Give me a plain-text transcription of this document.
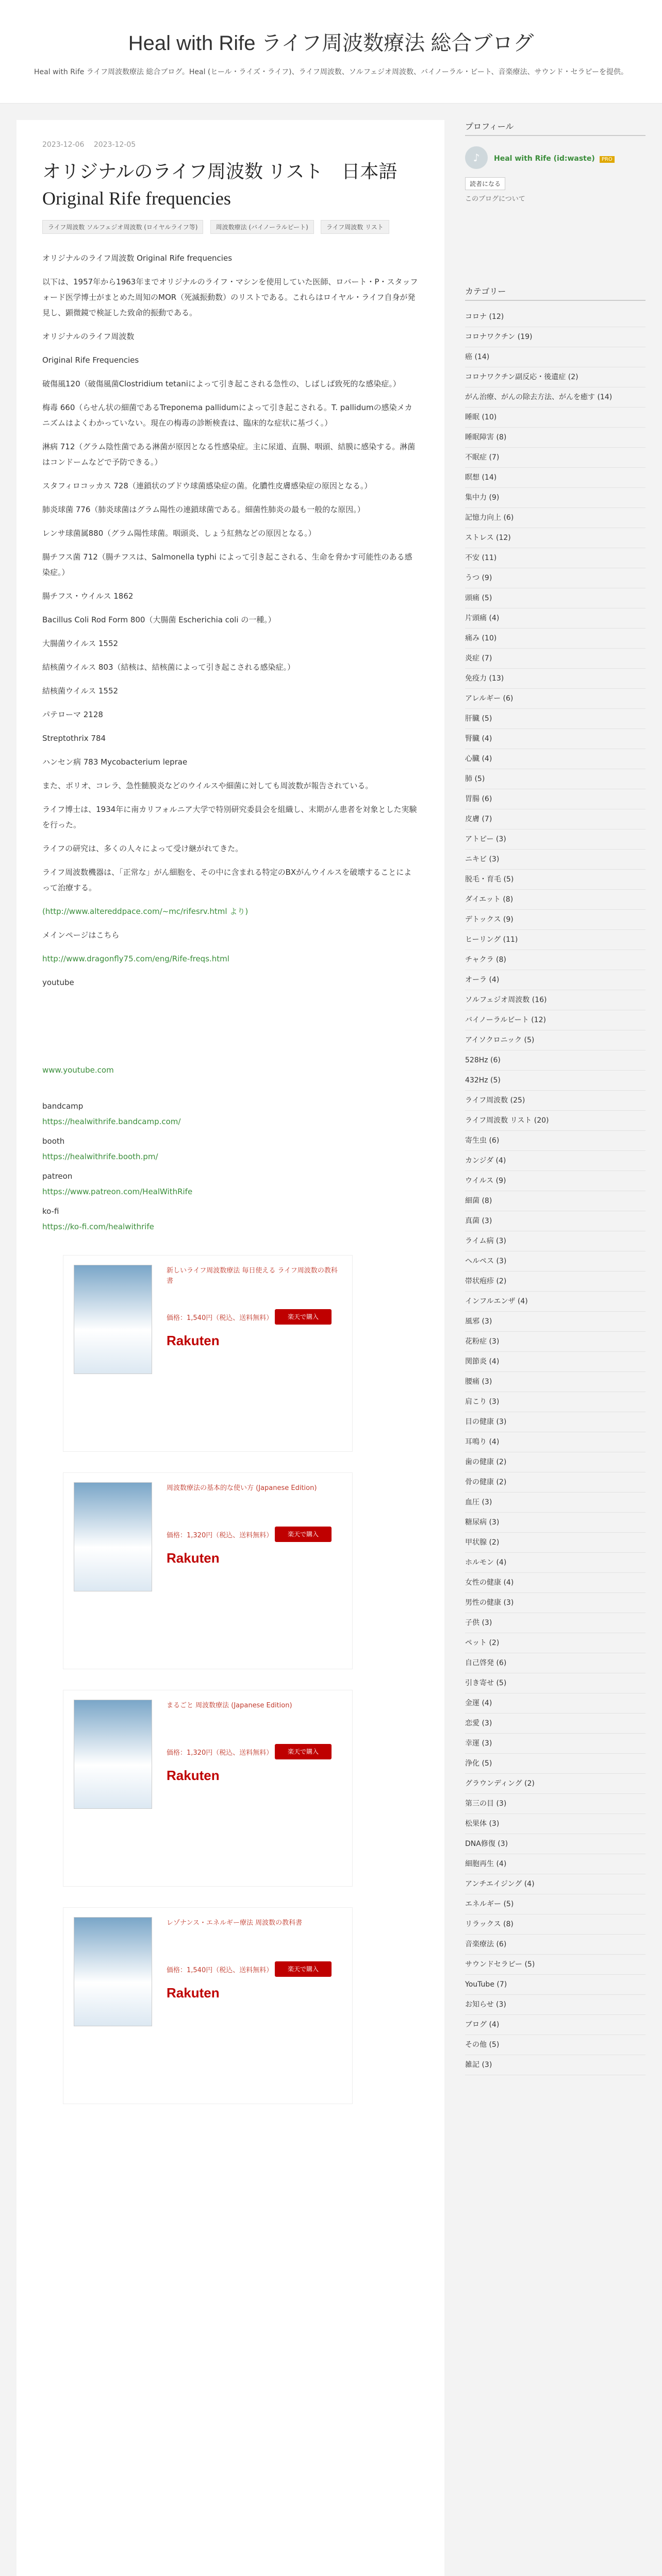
Heal with Rife ライフ周波数療法 総合ブログ

Heal with Rife ライフ周波数療法 総合ブログ。Heal (ヒール・ライズ・ライフ)、ライフ周波数、ソルフェジオ周波数、バイノーラル・ビート、音楽療法、サウンド・セラピーを提供。

2023-12-06 2023-12-05
オリジナルのライフ周波数 リスト　日本語 Original Rife frequencies
ライフ周波数 ソルフェジオ周波数 (ロイヤルライフ等)	周波数療法 (バイノーラルビート)	ライフ周波数 リスト

オリジナルのライフ周波数 Original Rife frequencies

以下は、1957年から1963年までオリジナルのライフ・マシンを使用していた医師、ロバート・P・スタッフォード医学博士がまとめた周知のMOR（死滅振動数）のリストである。これらはロイヤル・ライフ自身が発見し、顕微鏡で検証した致命的振動である。

オリジナルのライフ周波数

Original Rife Frequencies

破傷風120（破傷風菌Clostridium tetaniによって引き起こされる急性の、しばしば致死的な感染症。）

梅毒 660（らせん状の細菌であるTreponema pallidumによって引き起こされる。T. pallidumの感染メカニズムはよくわかっていない。現在の梅毒の診断検査は、臨床的な症状に基づく。）

淋病 712（グラム陰性菌である淋菌が原因となる性感染症。主に尿道、直腸、咽頭、結膜に感染する。淋菌はコンドームなどで予防できる。）

スタフィロコッカス 728（連鎖状のブドウ球菌感染症の菌。化膿性皮膚感染症の原因となる。）

肺炎球菌 776（肺炎球菌はグラム陽性の連鎖球菌である。細菌性肺炎の最も一般的な原因。）

レンサ球菌属880（グラム陽性球菌。咽頭炎、しょう紅熱などの原因となる。）

腸チフス菌 712（腸チフスは、Salmonella typhi によって引き起こされる、生命を脅かす可能性のある感染症。）

腸チフス・ウイルス 1862

Bacillus Coli Rod Form 800（大腸菌 Escherichia coli の一種。）

大腸菌ウイルス 1552

結核菌ウイルス 803（結核は、結核菌によって引き起こされる感染症。）

結核菌ウイルス 1552

パテローマ 2128

Streptothrix 784

ハンセン病 783 Mycobacterium leprae

また、ポリオ、コレラ、急性髄膜炎などのウイルスや細菌に対しても周波数が報告されている。

ライフ博士は、1934年に南カリフォルニア大学で特別研究委員会を組織し、末期がん患者を対象とした実験を行った。

ライフの研究は、多くの人々によって受け継がれてきた。

ライフ周波数機器は、「正常な」がん細胞を、その中に含まれる特定のBXがんウイルスを破壊することによって治療する。

(http://www.altereddpace.com/~mc/rifesrv.html より)

メインページはこちら

http://www.dragonfly75.com/eng/Rife-freqs.html

youtube
www.youtube.com
bandcamp
https://healwithrife.bandcamp.com/
booth
https://healwithrife.booth.pm/
patreon
https://www.patreon.com/HealWithRife
ko-fi
https://ko-fi.com/healwithrife
新しいライフ周波数療法 毎日使える ライフ周波数の教科書
価格：1,540円（税込、送料無料）	楽天で購入
Rakuten
周波数療法の基本的な使い方 (Japanese Edition)
価格：1,320円（税込、送料無料）	楽天で購入
Rakuten
まるごと 周波数療法 (Japanese Edition)
価格：1,320円（税込、送料無料）	楽天で購入
Rakuten
レゾナンス・エネルギー療法 周波数の教科書
価格：1,540円（税込、送料無料）	楽天で購入
Rakuten
プロフィール
♪	Heal with Rife (id:waste) PRO
読者になる
このブログについて
カテゴリー
コロナ (12)
コロナワクチン (19)
癌 (14)
コロナワクチン副反応・後遺症 (2)
がん治療、がんの除去方法、がんを癒す (14)
睡眠 (10)
睡眠障害 (8)
不眠症 (7)
瞑想 (14)
集中力 (9)
記憶力向上 (6)
ストレス (12)
不安 (11)
うつ (9)
頭痛 (5)
片頭痛 (4)
痛み (10)
炎症 (7)
免疫力 (13)
アレルギー (6)
肝臓 (5)
腎臓 (4)
心臓 (4)
肺 (5)
胃腸 (6)
皮膚 (7)
アトピー (3)
ニキビ (3)
脱毛・育毛 (5)
ダイエット (8)
デトックス (9)
ヒーリング (11)
チャクラ (8)
オーラ (4)
ソルフェジオ周波数 (16)
バイノーラルビート (12)
アイソクロニック (5)
528Hz (6)
432Hz (5)
ライフ周波数 (25)
ライフ周波数 リスト (20)
寄生虫 (6)
カンジダ (4)
ウイルス (9)
細菌 (8)
真菌 (3)
ライム病 (3)
ヘルペス (3)
帯状疱疹 (2)
インフルエンザ (4)
風邪 (3)
花粉症 (3)
関節炎 (4)
腰痛 (3)
肩こり (3)
目の健康 (3)
耳鳴り (4)
歯の健康 (2)
骨の健康 (2)
血圧 (3)
糖尿病 (3)
甲状腺 (2)
ホルモン (4)
女性の健康 (4)
男性の健康 (3)
子供 (3)
ペット (2)
自己啓発 (6)
引き寄せ (5)
金運 (4)
恋愛 (3)
幸運 (3)
浄化 (5)
グラウンディング (2)
第三の目 (3)
松果体 (3)
DNA修復 (3)
細胞再生 (4)
アンチエイジング (4)
エネルギー (5)
リラックス (8)
音楽療法 (6)
サウンドセラピー (5)
YouTube (7)
お知らせ (3)
ブログ (4)
その他 (5)
雑記 (3)
